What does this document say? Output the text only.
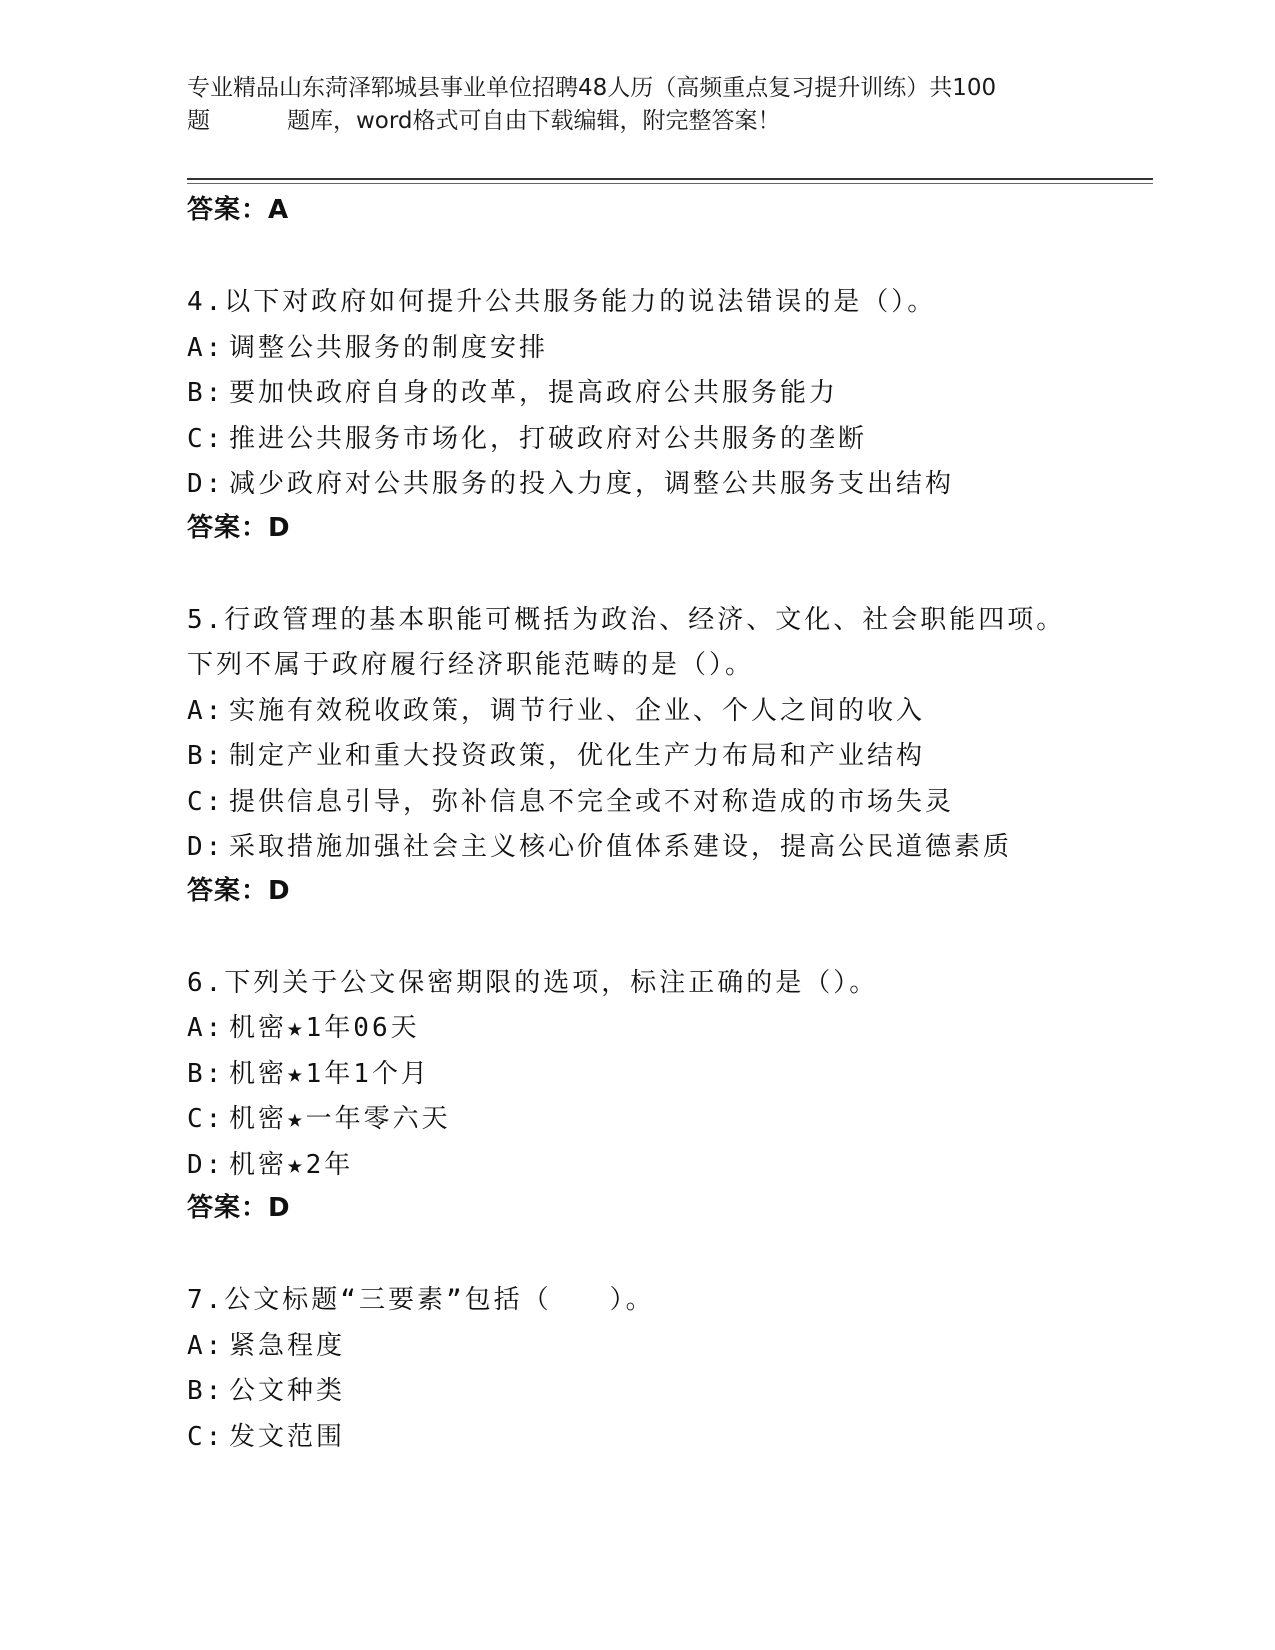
专业精品山东菏泽郓城县事业单位招聘48人历（高频重点复习提升训练）共100
题	题库，word格式可自由下载编辑，附完整答案！
答案：A
4.以下对政府如何提升公共服务能力的说法错误的是（）。
A: 调整公共服务的制度安排
B: 要加快政府自身的改革，提高政府公共服务能力
C: 推进公共服务市场化，打破政府对公共服务的垄断
D: 减少政府对公共服务的投入力度，调整公共服务支出结构
答案：D
5.行政管理的基本职能可概括为政治、经济、文化、社会职能四项。
下列不属于政府履行经济职能范畴的是（）。
A: 实施有效税收政策，调节行业、企业、个人之间的收入
B: 制定产业和重大投资政策，优化生产力布局和产业结构
C: 提供信息引导，弥补信息不完全或不对称造成的市场失灵
D: 采取措施加强社会主义核心价值体系建设，提高公民道德素质
答案：D
6.下列关于公文保密期限的选项，标注正确的是（）。
A: 机密★1年06天
B: 机密★1年1个月
C: 机密★一年零六天
D: 机密★2年
答案：D
7.公文标题“三要素”包括（　　）。
A: 紧急程度
B: 公文种类
C: 发文范围
